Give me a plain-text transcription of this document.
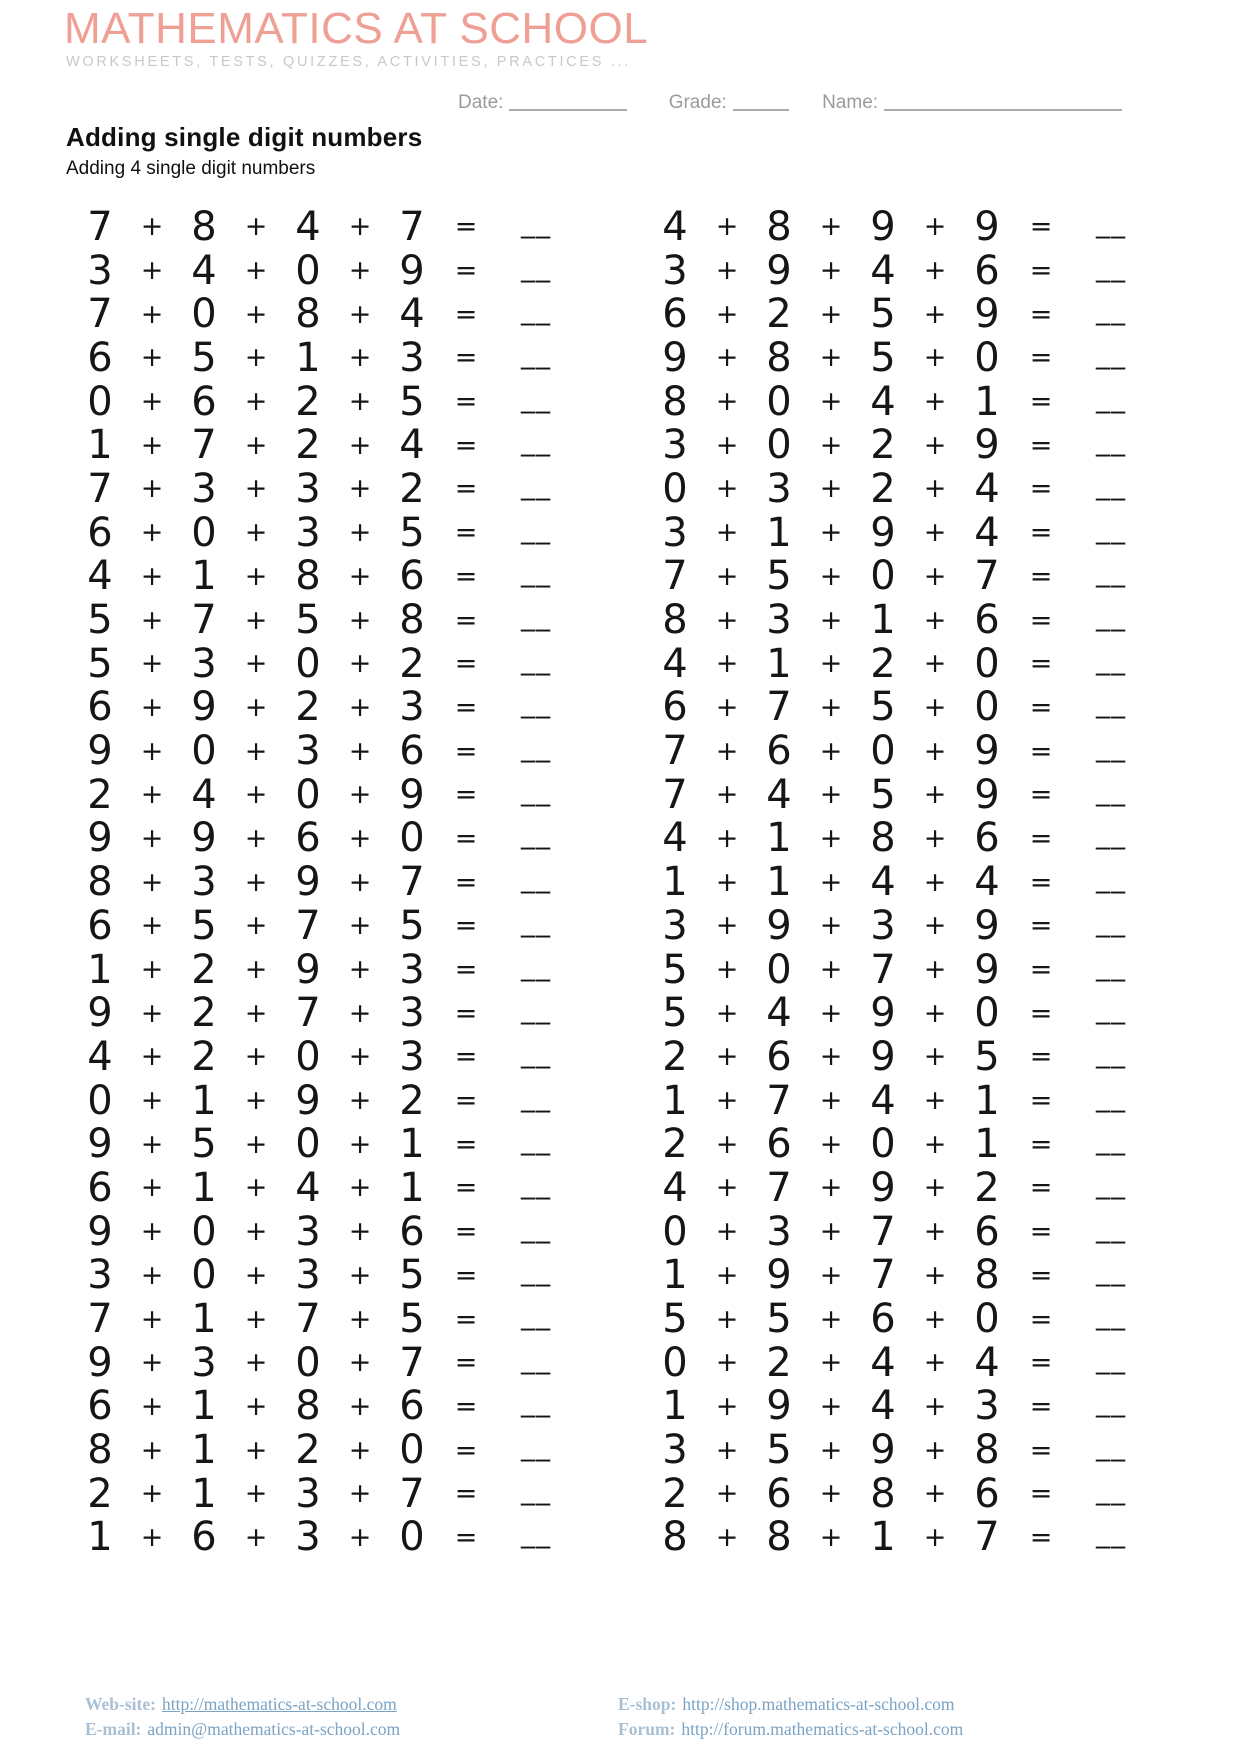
MATHEMATICS AT SCHOOL
WORKSHEETS, TESTS, QUIZZES, ACTIVITIES, PRACTICES ...
Date:	Grade:	Name:
Adding single digit numbers
Adding 4 single digit numbers
7	+ 8	+ 4	+ 7	=	__
3	+ 4	+ 0	+ 9	=	__
7	+ 0	+ 8	+ 4	=	__
6	+ 5	+ 1	+ 3	=	__
0	+ 6	+ 2	+ 5	=	__
1	+ 7	+ 2	+ 4	=	__
7	+ 3	+ 3	+ 2	=	__
6	+ 0	+ 3	+ 5	=	__
4	+ 1	+ 8	+ 6	=	__
5	+ 7	+ 5	+ 8	=	__
5	+ 3	+ 0	+ 2	=	__
6	+ 9	+ 2	+ 3	=	__
9	+ 0	+ 3	+ 6	=	__
2	+ 4	+ 0	+ 9	=	__
9	+ 9	+ 6	+ 0	=	__
8	+ 3	+ 9	+ 7	=	__
6	+ 5	+ 7	+ 5	=	__
1	+ 2	+ 9	+ 3	=	__
9	+ 2	+ 7	+ 3	=	__
4	+ 2	+ 0	+ 3	=	__
0	+ 1	+ 9	+ 2	=	__
9	+ 5	+ 0	+ 1	=	__
6	+ 1	+ 4	+ 1	=	__
9	+ 0	+ 3	+ 6	=	__
3	+ 0	+ 3	+ 5	=	__
7	+ 1	+ 7	+ 5	=	__
9	+ 3	+ 0	+ 7	=	__
6	+ 1	+ 8	+ 6	=	__
8	+ 1	+ 2	+ 0	=	__
2	+ 1	+ 3	+ 7	=	__
1	+ 6	+ 3	+ 0	=	__
4	+ 8	+ 9	+ 9	=	__
3	+ 9	+ 4	+ 6	=	__
6	+ 2	+ 5	+ 9	=	__
9	+ 8	+ 5	+ 0	=	__
8	+ 0	+ 4	+ 1	=	__
3	+ 0	+ 2	+ 9	=	__
0	+ 3	+ 2	+ 4	=	__
3	+ 1	+ 9	+ 4	=	__
7	+ 5	+ 0	+ 7	=	__
8	+ 3	+ 1	+ 6	=	__
4	+ 1	+ 2	+ 0	=	__
6	+ 7	+ 5	+ 0	=	__
7	+ 6	+ 0	+ 9	=	__
7	+ 4	+ 5	+ 9	=	__
4	+ 1	+ 8	+ 6	=	__
1	+ 1	+ 4	+ 4	=	__
3	+ 9	+ 3	+ 9	=	__
5	+ 0	+ 7	+ 9	=	__
5	+ 4	+ 9	+ 0	=	__
2	+ 6	+ 9	+ 5	=	__
1	+ 7	+ 4	+ 1	=	__
2	+ 6	+ 0	+ 1	=	__
4	+ 7	+ 9	+ 2	=	__
0	+ 3	+ 7	+ 6	=	__
1	+ 9	+ 7	+ 8	=	__
5	+ 5	+ 6	+ 0	=	__
0	+ 2	+ 4	+ 4	=	__
1	+ 9	+ 4	+ 3	=	__
3	+ 5	+ 9	+ 8	=	__
2	+ 6	+ 8	+ 6	=	__
8	+ 8	+ 1	+ 7	=	__
Web-site: http://mathematics-at-school.com
E-mail: admin@mathematics-at-school.com
E-shop: http://shop.mathematics-at-school.com
Forum: http://forum.mathematics-at-school.com
